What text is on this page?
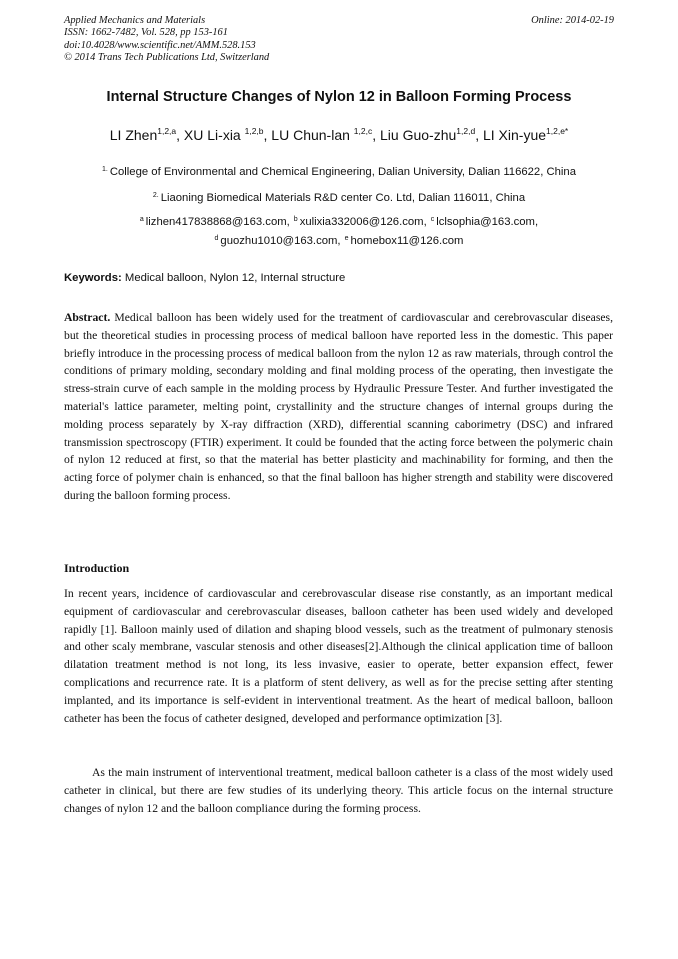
Applied Mechanics and Materials
ISSN: 1662-7482, Vol. 528, pp 153-161
doi:10.4028/www.scientific.net/AMM.528.153
© 2014 Trans Tech Publications Ltd, Switzerland
Online: 2014-02-19
Internal Structure Changes of Nylon 12 in Balloon Forming Process
LI Zhen$^{1,2,a}$, XU Li-xia $^{1,2,b}$, LU Chun-lan $^{1,2,c}$, Liu Guo-zhu$^{1,2,d}$, LI Xin-yue$^{1,2,e*}$
$^{1.}$ College of Environmental and Chemical Engineering, Dalian University, Dalian 116622, China
$^{2.}$ Liaoning Biomedical Materials R&D center Co. Ltd, Dalian 116011, China
$^a$ lizhen417838868@163.com, $^b$ xulixia332006@126.com, $^c$ lclsophia@163.com,
$^d$ guozhu1010@163.com, $^e$ homebox11@126.com
Keywords: Medical balloon, Nylon 12, Internal structure
Abstract. Medical balloon has been widely used for the treatment of cardiovascular and cerebrovascular diseases, but the theoretical studies in processing process of medical balloon have reported less in the domestic. This paper briefly introduce in the processing process of medical balloon from the nylon 12 as raw materials, through control the conditions of primary molding, secondary molding and final molding process of the operating, then investigate the stress-strain curve of each sample in the molding process by Hydraulic Pressure Tester. And further investigated the material's lattice parameter, melting point, crystallinity and the structure changes of internal groups during the molding process separately by X-ray diffraction (XRD), differential scanning caborimetry (DSC) and infrared transmission spectroscopy (FTIR) experiment. It could be founded that the acting force between the polymeric chain of nylon 12 reduced at first, so that the material has better plasticity and machinability for forming, and then the acting force of polymer chain is enhanced, so that the final balloon has higher strength and stability were discovered during the balloon forming process.
Introduction
In recent years, incidence of cardiovascular and cerebrovascular disease rise constantly, as an important medical equipment of cardiovascular and cerebrovascular diseases, balloon catheter has been used widely and developed rapidly [1]. Balloon mainly used of dilation and shaping blood vessels, such as the treatment of pulmonary stenosis and other scaly membrane, vascular stenosis and other diseases[2].Although the clinical application time of balloon dilatation treatment method is not long, its less invasive, easier to operate, better expansion effect, fewer complications and recurrence rate. It is a platform of stent delivery, as well as for the precise setting after stenting implanted, and its importance is self-evident in interventional treatment. As the heart of medical balloon, balloon catheter has been the focus of catheter designed, developed and performance optimization [3].
As the main instrument of interventional treatment, medical balloon catheter is a class of the most widely used catheter in clinical, but there are few studies of its underlying theory. This article focus on the internal structure changes of nylon 12 and the balloon compliance during the forming process.
